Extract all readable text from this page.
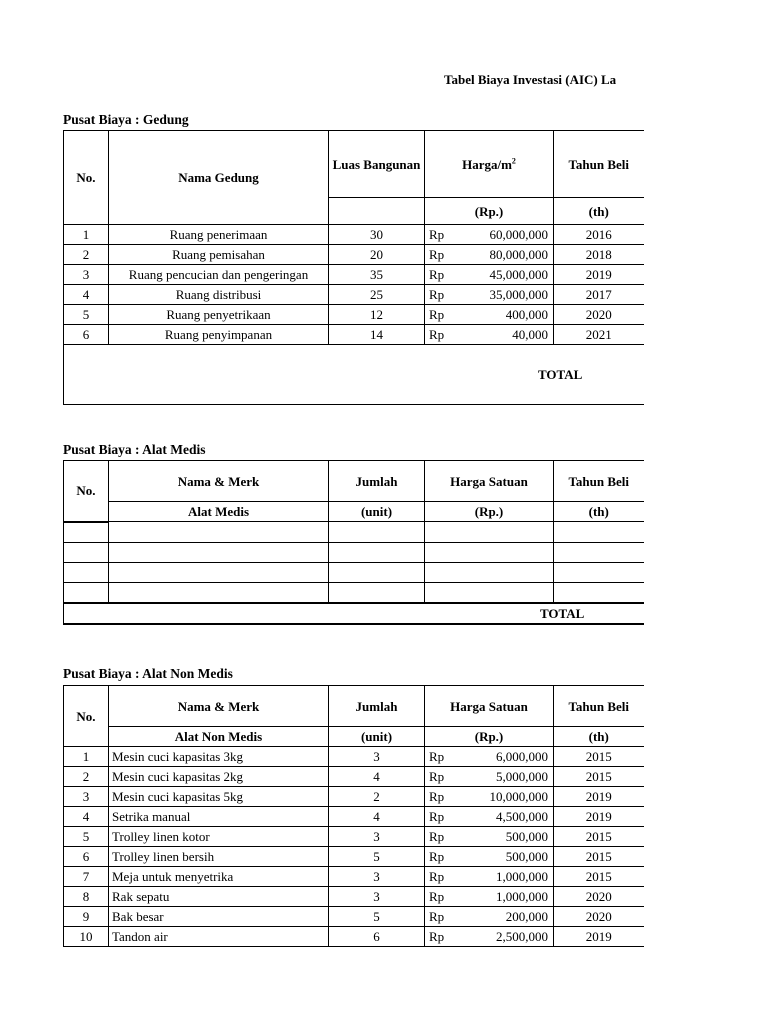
Tabel Biaya Investasi (AIC) La
Pusat Biaya : Gedung
No.	Nama Gedung	Luas Bangunan	Harga/$m^2$	Tahun Beli
			(Rp.)	(th)
1	Ruang penerimaan	30	Rp 60,000,000	2016
2	Ruang pemisahan	20	Rp 80,000,000	2018
3	Ruang pencucian dan pengeringan	35	Rp 45,000,000	2019
4	Ruang distribusi	25	Rp 35,000,000	2017
5	Ruang penyetrikaan	12	Rp 400,000	2020
6	Ruang penyimpanan	14	Rp 40,000	2021

TOTAL				
Pusat Biaya : Alat Medis
No.	Nama & Merk	Jumlah	Harga Satuan	Tahun Beli
	Alat Medis	(unit)	(Rp.)	(th)

TOTAL				
Pusat Biaya : Alat Non Medis
No.	Nama & Merk	Jumlah	Harga Satuan	Tahun Beli
	Alat Non Medis	(unit)	(Rp.)	(th)
1	Mesin cuci kapasitas 3kg	3	Rp 6,000,000	2015
2	Mesin cuci kapasitas 2kg	4	Rp 5,000,000	2015
3	Mesin cuci kapasitas 5kg	2	Rp 10,000,000	2019
4	Setrika manual	4	Rp 4,500,000	2019
5	Trolley linen kotor	3	Rp 500,000	2015
6	Trolley linen bersih	5	Rp 500,000	2015
7	Meja untuk menyetrika	3	Rp 1,000,000	2015
8	Rak sepatu	3	Rp 1,000,000	2020
9	Bak besar	5	Rp 200,000	2020
10	Tandon air	6	Rp 2,500,000	2019
